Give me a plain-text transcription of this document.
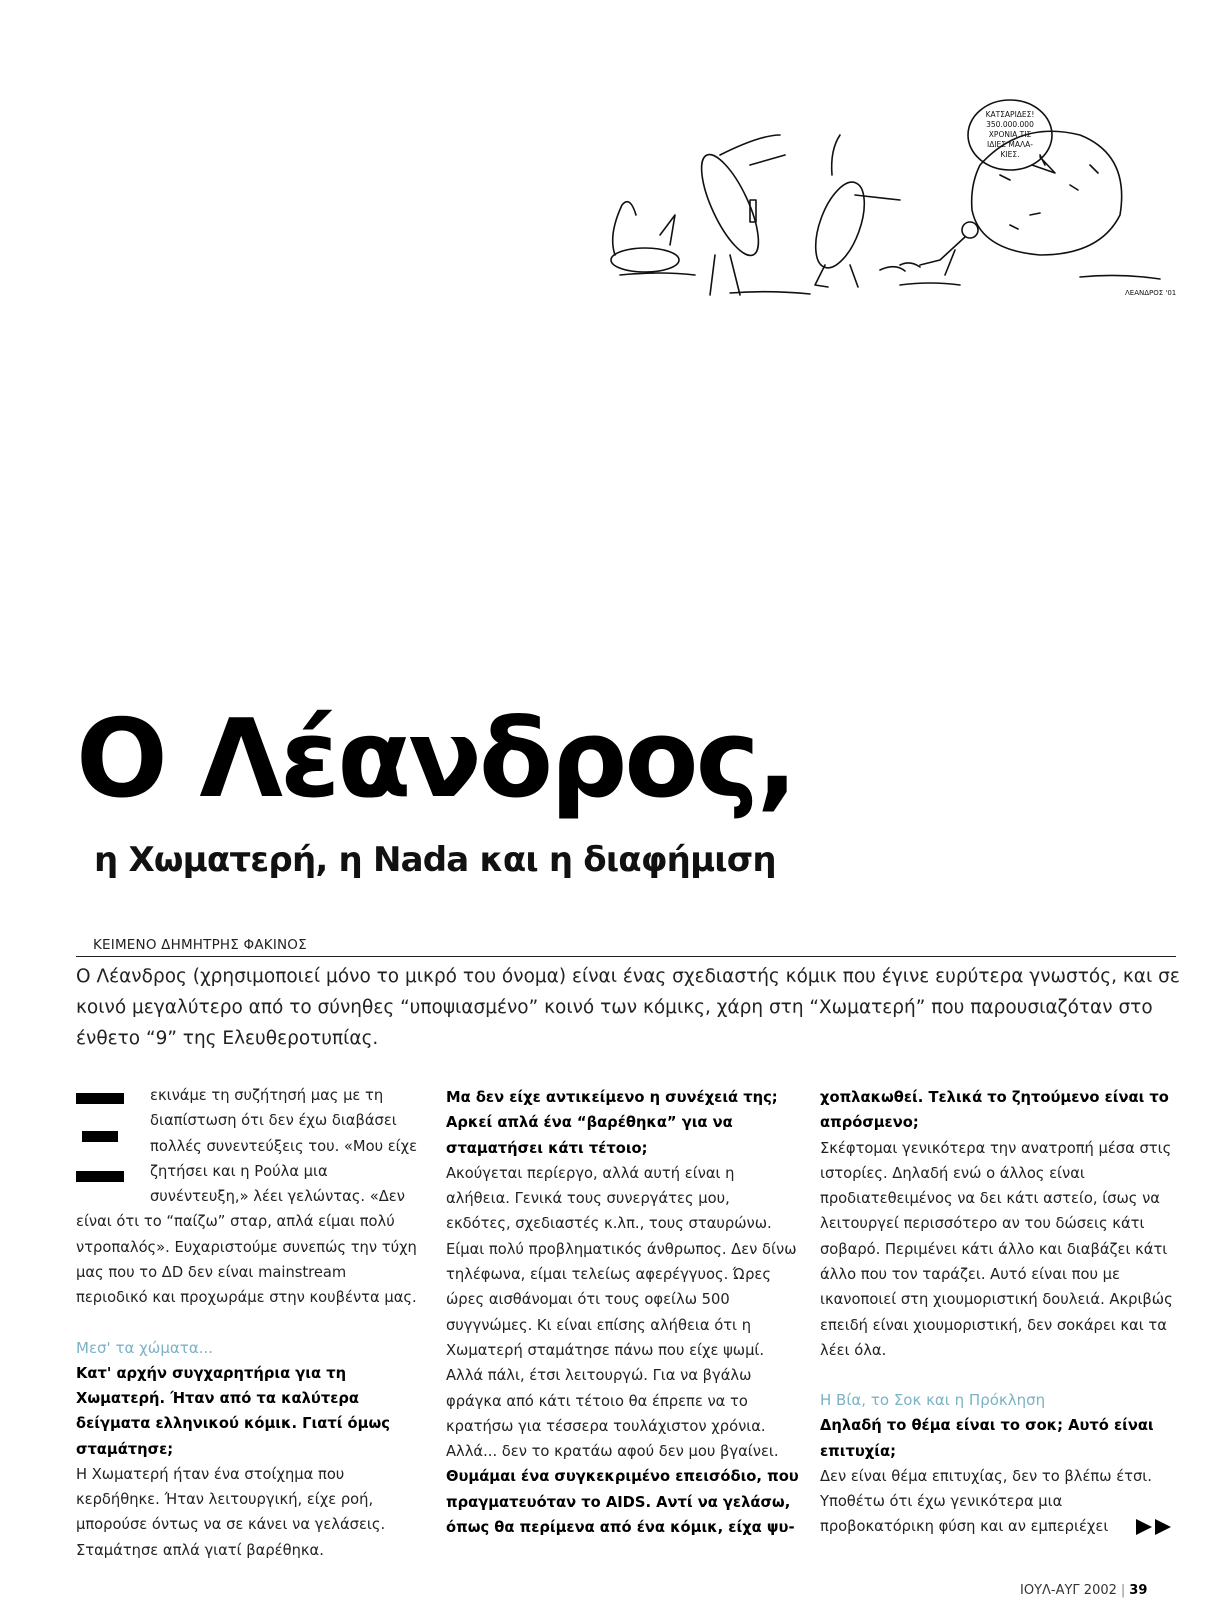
ΚΑΤΣΑΡΙΔΕΣ!
350.000.000
ΧΡΟΝΙΑ ΤΙΣ
ΙΔΙΕΣ ΜΑΛΑ-
ΚΙΕΣ.
ΛΕΑΝΔΡΟΣ '01
Ο Λέανδρος,
η Χωματερή, η Nada και η διαφήμιση
ΚΕΙΜΕΝΟ ΔΗΜΗΤΡΗΣ ΦΑΚΙΝΟΣ

Ο Λέανδρος (χρησιμοποιεί μόνο το μικρό του όνομα) είναι ένας σχεδιαστής κόμικ που έγινε ευρύτερα γνωστός, και σε κοινό μεγαλύτερο από το σύνηθες “υποψιασμένο” κοινό των κόμικς, χάρη στη “Χωματερή” που παρουσιαζόταν στο ένθετο “9” της Ελευθεροτυπίας.

εκινάμε τη συζήτησή μας με τη διαπίστωση ότι δεν έχω διαβάσει πολλές συνεντεύξεις του. «Μου είχε ζητήσει και η Ρούλα μια συνέντευξη,» λέει γελώντας. «Δεν είναι ότι το “παίζω” σταρ, απλά είμαι πολύ ντροπαλός». Ευχαριστούμε συνεπώς την τύχη μας που το ΔD δεν είναι mainstream περιοδικό και προχωράμε στην κουβέντα μας.

Μεσ' τα χώματα...

Κατ' αρχήν συγχαρητήρια για τη Χωματερή. Ήταν από τα καλύτερα δείγματα ελληνικού κόμικ. Γιατί όμως σταμάτησε;

Η Χωματερή ήταν ένα στοίχημα που κερδήθηκε. Ήταν λειτουργική, είχε ροή, μπορούσε όντως να σε κάνει να γελάσεις. Σταμάτησε απλά γιατί βαρέθηκα.

Μα δεν είχε αντικείμενο η συνέχειά της; Αρκεί απλά ένα “βαρέθηκα” για να σταματήσει κάτι τέτοιο;

Ακούγεται περίεργο, αλλά αυτή είναι η αλήθεια. Γενικά τους συνεργάτες μου, εκδότες, σχεδιαστές κ.λπ., τους σταυρώνω. Είμαι πολύ προβληματικός άνθρωπος. Δεν δίνω τηλέφωνα, είμαι τελείως αφερέγγυος. Ώρες ώρες αισθάνομαι ότι τους οφείλω 500 συγγνώμες. Κι είναι επίσης αλήθεια ότι η Χωματερή σταμάτησε πάνω που είχε ψωμί. Αλλά πάλι, έτσι λειτουργώ. Για να βγάλω φράγκα από κάτι τέτοιο θα έπρεπε να το κρατήσω για τέσσερα τουλάχιστον χρόνια. Αλλά... δεν το κρατάω αφού δεν μου βγαίνει.

Θυμάμαι ένα συγκεκριμένο επεισόδιο, που πραγματευόταν το AIDS. Αντί να γελάσω, όπως θα περίμενα από ένα κόμικ, είχα ψυ-

χοπλακωθεί. Τελικά το ζητούμενο είναι το απρόσμενο;

Σκέφτομαι γενικότερα την ανατροπή μέσα στις ιστορίες. Δηλαδή ενώ ο άλλος είναι προδιατεθειμένος να δει κάτι αστείο, ίσως να λειτουργεί περισσότερο αν του δώσεις κάτι σοβαρό. Περιμένει κάτι άλλο και διαβάζει κάτι άλλο που τον ταράζει. Αυτό είναι που με ικανοποιεί στη χιουμοριστική δουλειά. Ακριβώς επειδή είναι χιουμοριστική, δεν σοκάρει και τα λέει όλα.

Η Βία, το Σοκ και η Πρόκληση

Δηλαδή το θέμα είναι το σοκ; Αυτό είναι επιτυχία;

Δεν είναι θέμα επιτυχίας, δεν το βλέπω έτσι. Υποθέτω ότι έχω γενικότερα μια προβοκατόρικη φύση και αν εμπεριέχει

ΙΟΥΛ-ΑΥΓ 2002 | 39
